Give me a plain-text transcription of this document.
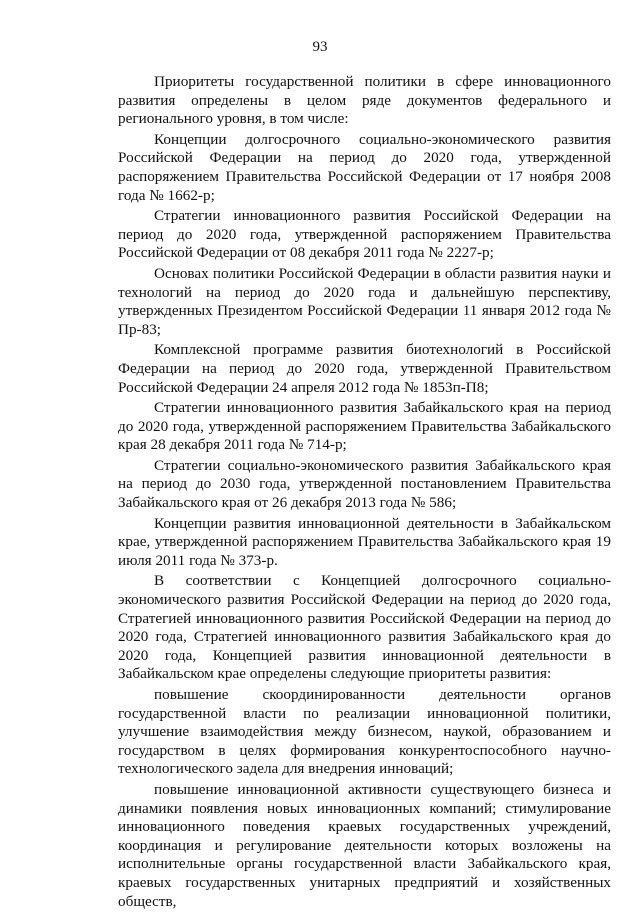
93

Приоритеты государственной политики в сфере инновационного развития определены в целом ряде документов федерального и регионального уровня, в том числе:

Концепции долгосрочного социально-экономического развития Российской Федерации на период до 2020 года, утвержденной распоряжением Правительства Российской Федерации от 17 ноября 2008 года № 1662-р;

Стратегии инновационного развития Российской Федерации на период до 2020 года, утвержденной распоряжением Правительства Российской Федерации от 08 декабря 2011 года № 2227-р;

Основах политики Российской Федерации в области развития науки и технологий на период до 2020 года и дальнейшую перспективу, утвержденных Президентом Российской Федерации 11 января 2012 года № Пр-83;

Комплексной программе развития биотехнологий в Российской Федерации на период до 2020 года, утвержденной Правительством Российской Федерации 24 апреля 2012 года № 1853п-П8;

Стратегии инновационного развития Забайкальского края на период до 2020 года, утвержденной распоряжением Правительства Забайкальского края 28 декабря 2011 года № 714-р;

Стратегии социально-экономического развития Забайкальского края на период до 2030 года, утвержденной постановлением Правительства Забайкальского края от 26 декабря 2013 года № 586;

Концепции развития инновационной деятельности в Забайкальском крае, утвержденной распоряжением Правительства Забайкальского края 19 июля 2011 года № 373-р.

В соответствии с Концепцией долгосрочного социально-экономического развития Российской Федерации на период до 2020 года, Стратегией инновационного развития Российской Федерации на период до 2020 года, Стратегией инновационного развития Забайкальского края до 2020 года, Концепцией развития инновационной деятельности в Забайкальском крае определены следующие приоритеты развития:

повышение скоординированности деятельности органов государственной власти по реализации инновационной политики, улучшение взаимодействия между бизнесом, наукой, образованием и государством в целях формирования конкурентоспособного научно-технологического задела для внедрения инноваций;

повышение инновационной активности существующего бизнеса и динамики появления новых инновационных компаний; стимулирование инновационного поведения краевых государственных учреждений, координация и регулирование деятельности которых возложены на исполнительные органы государственной власти Забайкальского края, краевых государственных унитарных предприятий и хозяйственных обществ,
